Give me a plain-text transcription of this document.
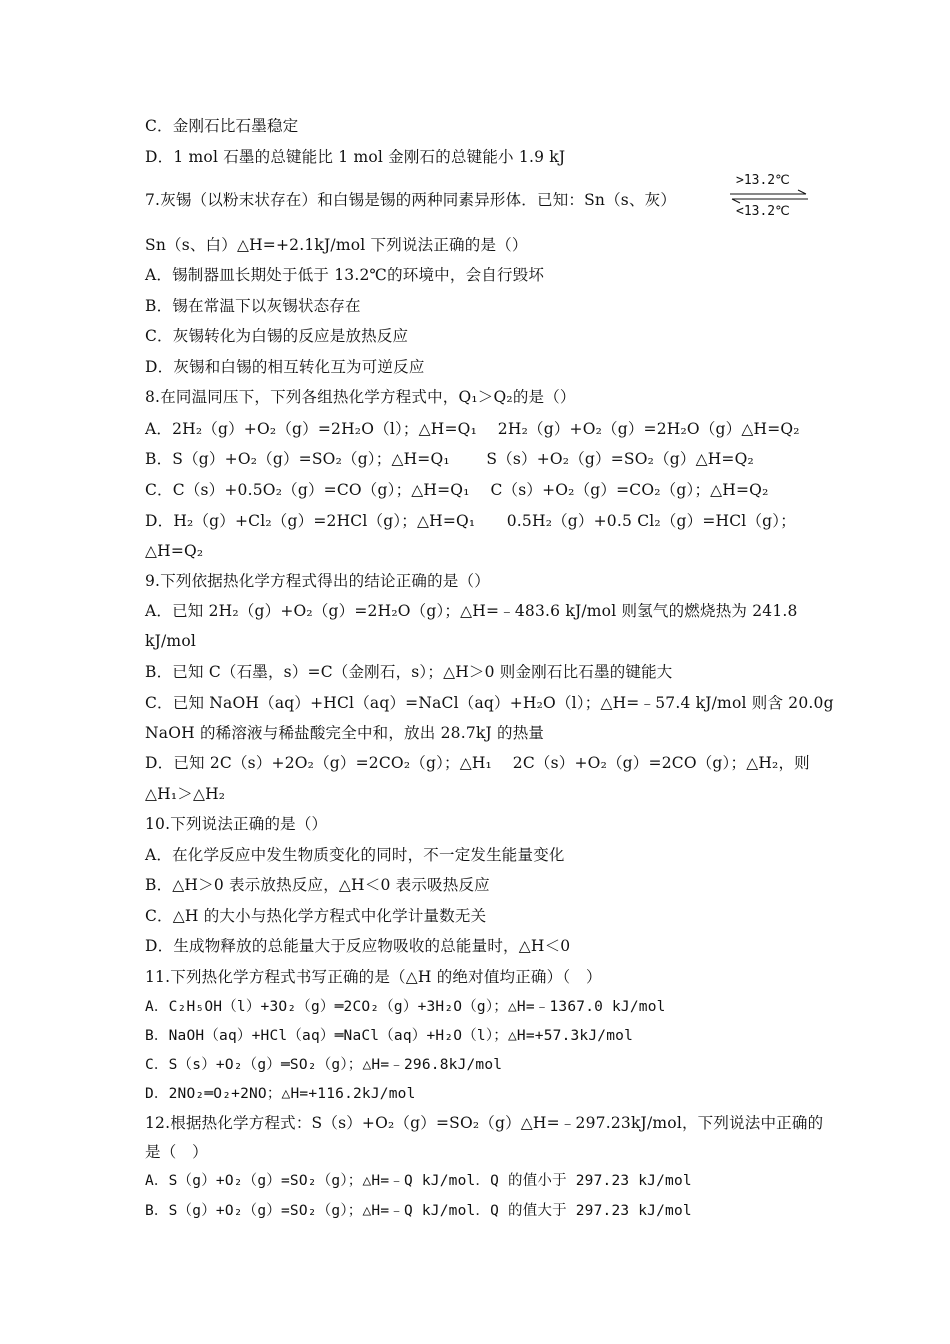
C．金刚石比石墨稳定
D．1 mol 石墨的总键能比 1 mol 金刚石的总键能小 1.9 kJ
7.灰锡（以粉末状存在）和白锡是锡的两种同素异形体．已知：Sn（s、灰）
>13.2℃
<13.2℃
Sn（s、白）△H=+2.1kJ/mol 下列说法正确的是（）
A．锡制器皿长期处于低于 13.2℃的环境中，会自行毁坏
B．锡在常温下以灰锡状态存在
C．灰锡转化为白锡的反应是放热反应
D．灰锡和白锡的相互转化互为可逆反应
8.在同温同压下，下列各组热化学方程式中，Q₁＞Q₂的是（）
A．2H₂（g）+O₂（g）=2H₂O（l）；△H=Q₁　 2H₂（g）+O₂（g）=2H₂O（g）△H=Q₂
B．S（g）+O₂（g）=SO₂（g）；△H=Q₁　　 S（s）+O₂（g）=SO₂（g）△H=Q₂
C．C（s）+0.5O₂（g）=CO（g）；△H=Q₁　 C（s）+O₂（g）=CO₂（g）；△H=Q₂
D．H₂（g）+Cl₂（g）=2HCl（g）；△H=Q₁　　0.5H₂（g）+0.5 Cl₂（g）=HCl（g）；
△H=Q₂
9.下列依据热化学方程式得出的结论正确的是（）
A．已知 2H₂（g）+O₂（g）=2H₂O（g）；△H=﹣483.6 kJ/mol 则氢气的燃烧热为 241.8
kJ/mol
B．已知 C（石墨，s）=C（金刚石，s）；△H＞0 则金刚石比石墨的键能大
C．已知 NaOH（aq）+HCl（aq）=NaCl（aq）+H₂O（l）；△H=﹣57.4 kJ/mol 则含 20.0g
NaOH 的稀溶液与稀盐酸完全中和，放出 28.7kJ 的热量
D．已知 2C（s）+2O₂（g）=2CO₂（g）；△H₁　 2C（s）+O₂（g）=2CO（g）；△H₂，则
△H₁＞△H₂
10.下列说法正确的是（）
A．在化学反应中发生物质变化的同时，不一定发生能量变化
B．△H＞0 表示放热反应，△H＜0 表示吸热反应
C．△H 的大小与热化学方程式中化学计量数无关
D．生成物释放的总能量大于反应物吸收的总能量时，△H＜0
11.下列热化学方程式书写正确的是（△H 的绝对值均正确）（　）
A．C₂H₅OH（l）+3O₂（g）═2CO₂（g）+3H₂O（g）；△H=﹣1367.0 kJ/mol
B．NaOH（aq）+HCl（aq）═NaCl（aq）+H₂O（l）；△H=+57.3kJ/mol
C．S（s）+O₂（g）═SO₂（g）；△H=﹣296.8kJ/mol
D．2NO₂═O₂+2NO；△H=+116.2kJ/mol
12.根据热化学方程式：S（s）+O₂（g）=SO₂（g）△H=﹣297.23kJ/mol，下列说法中正确的
是（　）
A．S（g）+O₂（g）=SO₂（g）；△H=﹣Q kJ/mol．Q 的值小于 297.23 kJ/mol
B．S（g）+O₂（g）=SO₂（g）；△H=﹣Q kJ/mol．Q 的值大于 297.23 kJ/mol
